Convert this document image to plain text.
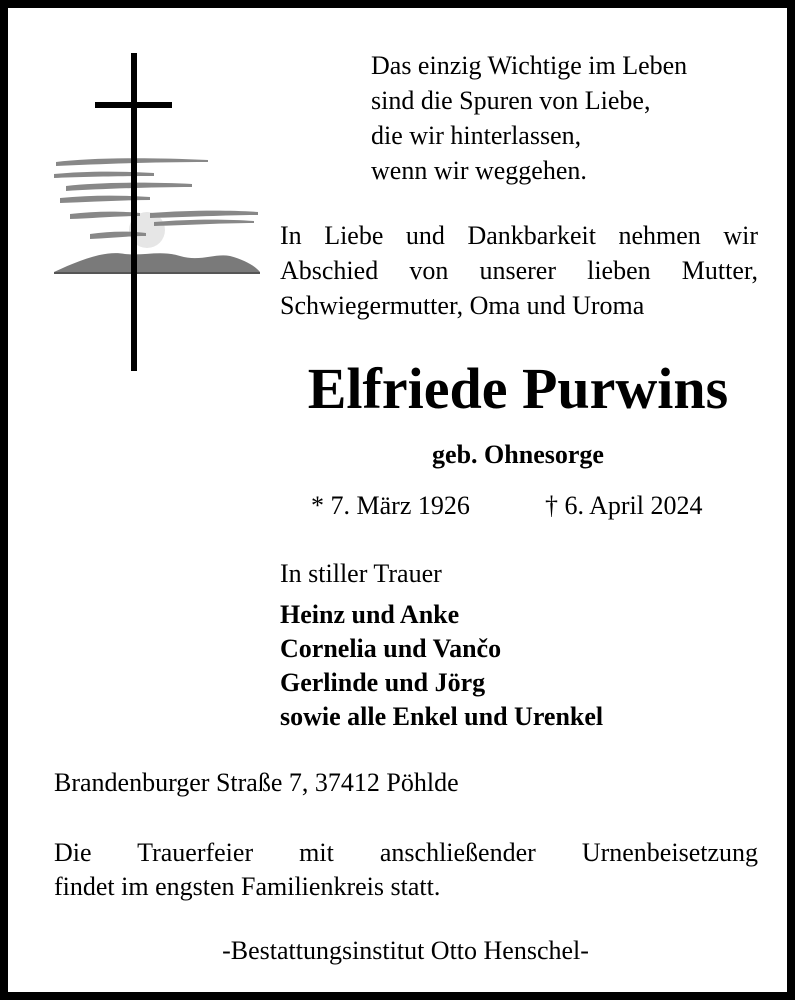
Das einzig Wichtige im Leben
sind die Spuren von Liebe,
die wir hinterlassen,
wenn wir weggehen.
In Liebe und Dankbarkeit nehmen wir
Abschied von unserer lieben Mutter,
Schwiegermutter, Oma und Uroma
Elfriede Purwins
geb. Ohnesorge
* 7. März 1926	† 6. April 2024
In stiller Trauer
Heinz und Anke
Cornelia und Vančo
Gerlinde und Jörg
sowie alle Enkel und Urenkel
Brandenburger Straße 7, 37412 Pöhlde
Die Trauerfeier mit anschließender Urnenbeisetzung
findet im engsten Familienkreis statt.
-Bestattungsinstitut Otto Henschel-
